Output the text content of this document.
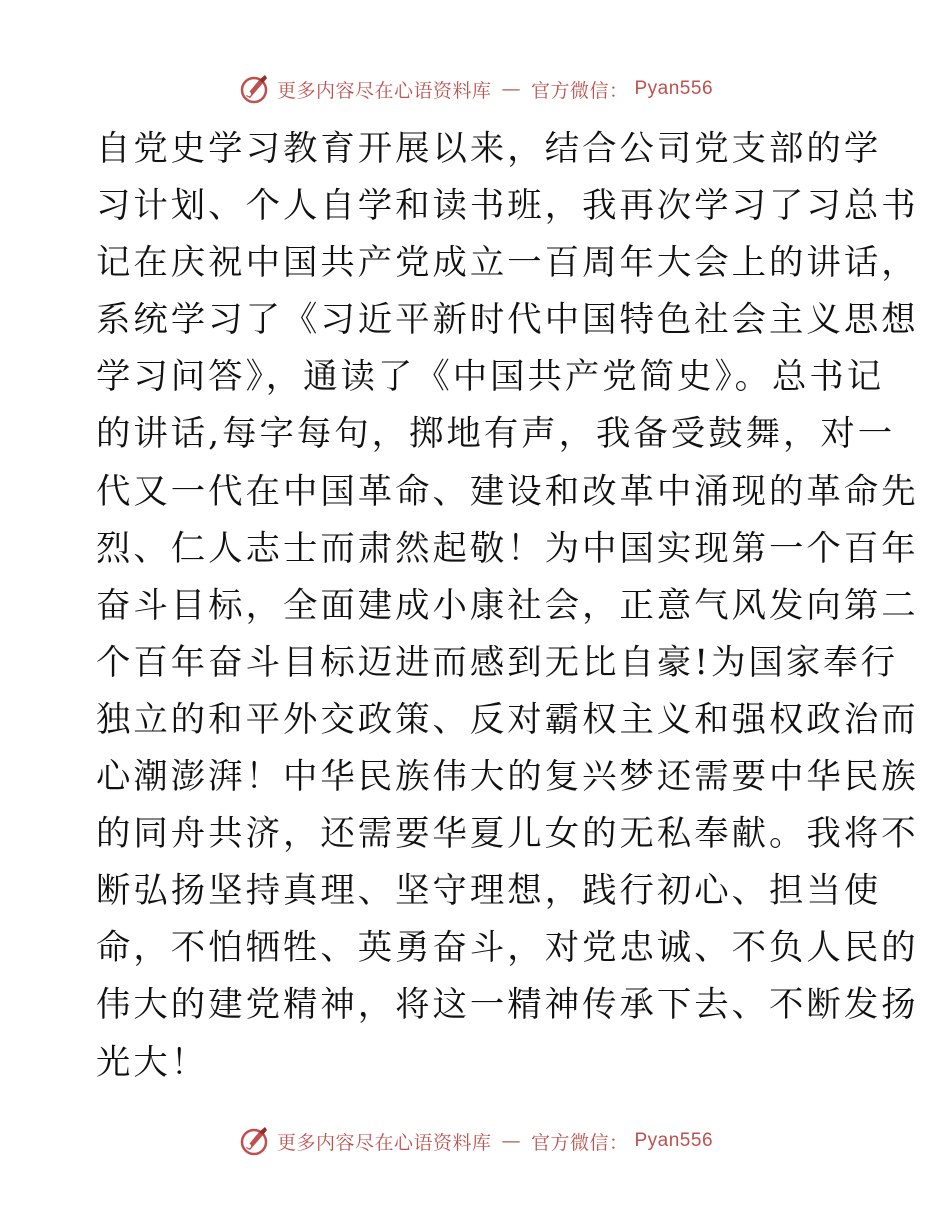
更多内容尽在心语资料库 — 官方微信： Pyan556
自党史学习教育开展以来，结合公司党支部的学
习计划、个人自学和读书班，我再次学习了习总书
记在庆祝中国共产党成立一百周年大会上的讲话，
系统学习了《习近平新时代中国特色社会主义思想
学习问答》，通读了《中国共产党简史》。总书记
的讲话,每字每句，掷地有声，我备受鼓舞，对一
代又一代在中国革命、建设和改革中涌现的革命先
烈、仁人志士而肃然起敬！为中国实现第一个百年
奋斗目标，全面建成小康社会，正意气风发向第二
个百年奋斗目标迈进而感到无比自豪!为国家奉行
独立的和平外交政策、反对霸权主义和强权政治而
心潮澎湃！中华民族伟大的复兴梦还需要中华民族
的同舟共济，还需要华夏儿女的无私奉献。我将不
断弘扬坚持真理、坚守理想，践行初心、担当使
命，不怕牺牲、英勇奋斗，对党忠诚、不负人民的
伟大的建党精神，将这一精神传承下去、不断发扬
光大！
更多内容尽在心语资料库 — 官方微信： Pyan556
